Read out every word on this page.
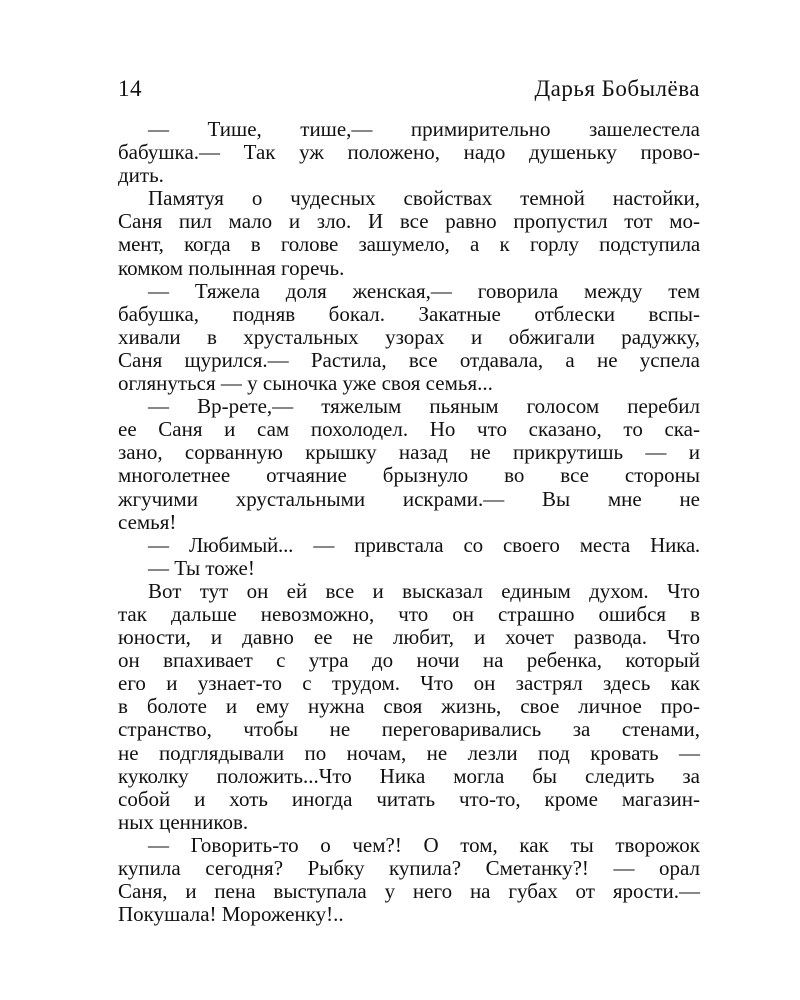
14	Дарья Бобылёва

— Тише, тише,— примирительно зашелестела

бабушка.— Так уж положено, надо душеньку прово-

дить.

Памятуя о чудесных свойствах темной настойки,

Саня пил мало и зло. И все равно пропустил тот мо-

мент, когда в голове зашумело, а к горлу подступила

комком полынная горечь.

— Тяжела доля женская,— говорила между тем

бабушка, подняв бокал. Закатные отблески вспы-

хивали в хрустальных узорах и обжигали радужку,

Саня щурился.— Растила, все отдавала, а не успела

оглянуться — у сыночка уже своя семья...

— Вр-рете,— тяжелым пьяным голосом перебил

ее Саня и сам похолодел. Но что сказано, то ска-

зано, сорванную крышку назад не прикрутишь — и

многолетнее отчаяние брызнуло во все стороны

жгучими хрустальными искрами.— Вы мне не

семья!

— Любимый... — привстала со своего места Ника.

— Ты тоже!

Вот тут он ей все и высказал единым духом. Что

так дальше невозможно, что он страшно ошибся в

юности, и давно ее не любит, и хочет развода. Что

он впахивает с утра до ночи на ребенка, который

его и узнает-то с трудом. Что он застрял здесь как

в болоте и ему нужна своя жизнь, свое личное про-

странство, чтобы не переговаривались за стенами,

не подглядывали по ночам, не лезли под кровать —

куколку положить...Что Ника могла бы следить за

собой и хоть иногда читать что-то, кроме магазин-

ных ценников.

— Говорить-то о чем?! О том, как ты творожок

купила сегодня? Рыбку купила? Сметанку?! — орал

Саня, и пена выступала у него на губах от ярости.—

Покушала! Мороженку!..
